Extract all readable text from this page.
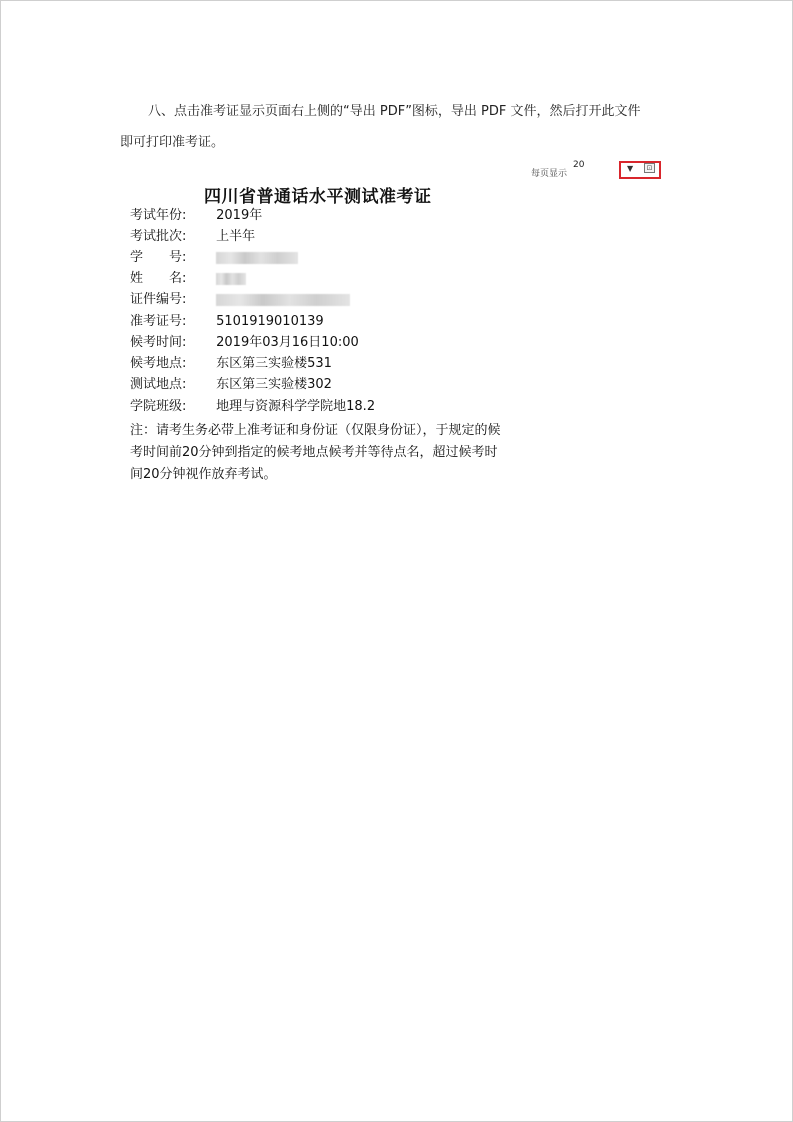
八、点击准考证显示页面右上侧的“导出 PDF”图标，导出 PDF 文件，然后打开此文件
即可打印准考证。
每页显示
20	▼	⊡
四川省普通话水平测试准考证
考试年份: 2019年
考试批次: 上半年
学　　号:
姓　　名:
证件编号:
准考证号: 5101919010139
候考时间: 2019年03月16日10:00
候考地点: 东区第三实验楼531
测试地点: 东区第三实验楼302
学院班级: 地理与资源科学学院地18.2
注：请考生务必带上准考证和身份证（仅限身份证），于规定的候考时间前20分钟到指定的候考地点候考并等待点名，超过候考时间20分钟视作放弃考试。
